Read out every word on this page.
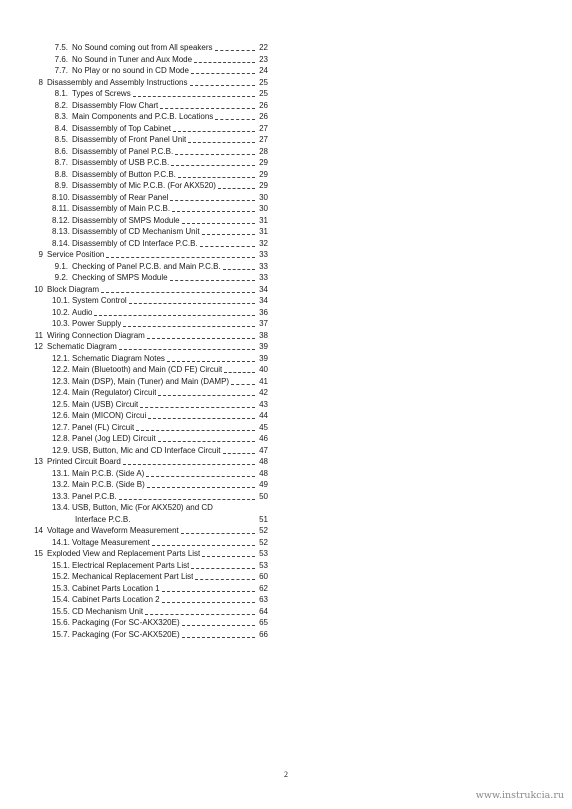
7.5. No Sound coming out from All speakers	22
7.6. No Sound in Tuner and Aux Mode	23
7.7. No Play or no sound in CD Mode	24
8 Disassembly and Assembly Instructions	25
8.1. Types of Screws	25
8.2. Disassembly Flow Chart	26
8.3. Main Components and P.C.B. Locations	26
8.4. Disassembly of Top Cabinet	27
8.5. Disassembly of Front Panel Unit	27
8.6. Disassembly of Panel P.C.B.	28
8.7. Disassembly of USB P.C.B.	29
8.8. Disassembly of Button P.C.B.	29
8.9. Disassembly of Mic P.C.B. (For AKX520)	29
8.10. Disassembly of Rear Panel	30
8.11. Disassembly of Main P.C.B.	30
8.12. Disassembly of SMPS Module	31
8.13. Disassembly of CD Mechanism Unit	31
8.14. Disassembly of CD Interface P.C.B.	32
9 Service Position	33
9.1. Checking of Panel P.C.B. and Main P.C.B.	33
9.2. Checking of SMPS Module	33
10 Block Diagram	34
10.1. System Control	34
10.2. Audio	36
10.3. Power Supply	37
11 Wiring Connection Diagram	38
12 Schematic Diagram	39
12.1. Schematic Diagram Notes	39
12.2. Main (Bluetooth) and Main (CD FE) Circuit	40
12.3. Main (DSP), Main (Tuner) and Main (DAMP)	41
12.4. Main (Regulator) Circuit	42
12.5. Main (USB) Circuit	43
12.6. Main (MICON) Circui	44
12.7. Panel (FL) Circuit	45
12.8. Panel (Jog LED) Circuit	46
12.9. USB, Button, Mic and CD Interface Circuit	47
13 Printed Circuit Board	48
13.1. Main P.C.B. (Side A)	48
13.2. Main P.C.B. (Side B)	49
13.3. Panel P.C.B.	50
13.4. USB, Button, Mic (For AKX520) and CD
Interface P.C.B.	51
14 Voltage and Waveform Measurement	52
14.1. Voltage Measurement	52
15 Exploded View and Replacement Parts List	53
15.1. Electrical Replacement Parts List	53
15.2. Mechanical Replacement Part List	60
15.3. Cabinet Parts Location 1	62
15.4. Cabinet Parts Location 2	63
15.5. CD Mechanism Unit	64
15.6. Packaging (For SC-AKX320E)	65
15.7. Packaging (For SC-AKX520E)	66
2
www.instrukcia.ru
